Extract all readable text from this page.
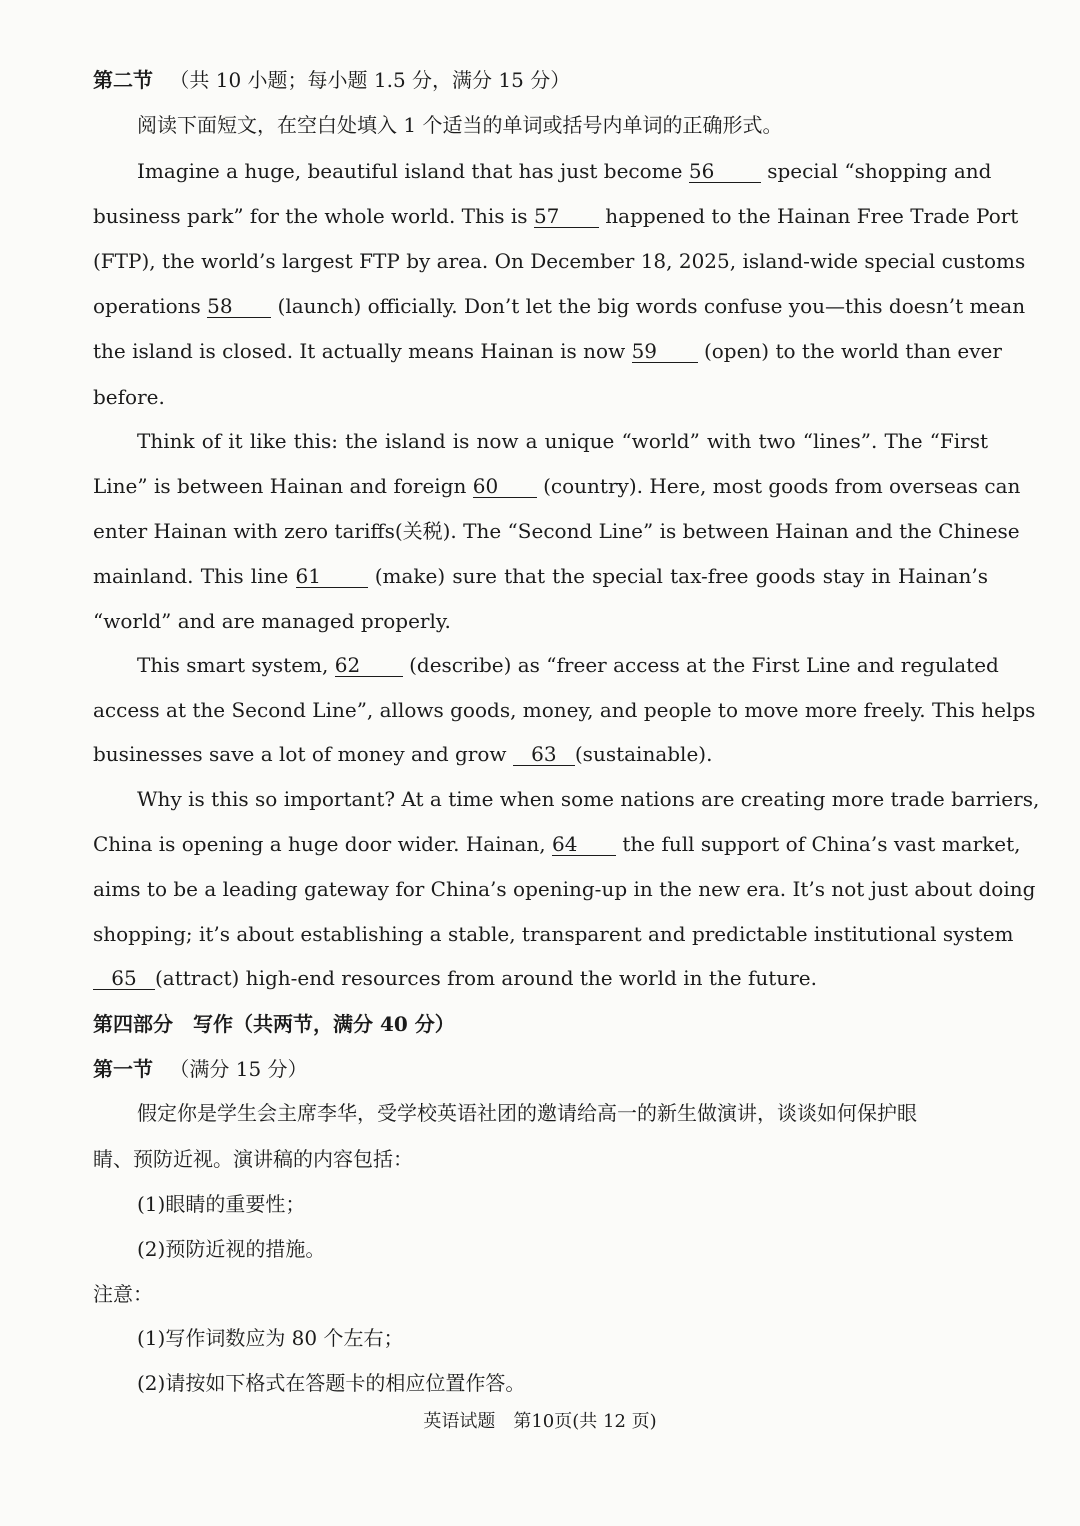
第二节 （共 10 小题；每小题 1.5 分，满分 15 分）
阅读下面短文，在空白处填入 1 个适当的单词或括号内单词的正确形式。
Imagine a huge, beautiful island that has just become 56	special “shopping and
business park” for the whole world. This is 57 happened to the Hainan Free Trade Port
(FTP), the world’s largest FTP by area. On December 18, 2025, island-wide special customs
operations 58 (launch) officially. Don’t let the big words confuse you—this doesn’t mean
the island is closed. It actually means Hainan is now 59 (open) to the world than ever
before.
Think of it like this: the island is now a unique “world” with two “lines”. The “First
Line” is between Hainan and foreign 60 (country). Here, most goods from overseas can
enter Hainan with zero tariffs(关税). The “Second Line” is between Hainan and the Chinese
mainland. This line 61	(make) sure that the special tax-free goods stay in Hainan’s
“world” and are managed properly.
This smart system, 62 (describe) as “freer access at the First Line and regulated
access at the Second Line”, allows goods, money, and people to move more freely. This helps
businesses save a lot of money and grow 63 (sustainable).
Why is this so important? At a time when some nations are creating more trade barriers,
China is opening a huge door wider. Hainan, 64 the full support of China’s vast market,
aims to be a leading gateway for China’s opening-up in the new era. It’s not just about doing
shopping; it’s about establishing a stable, transparent and predictable institutional system
65 (attract) high-end resources from around the world in the future.
第四部分　写作（共两节，满分 40 分）
第一节 （满分 15 分）
假定你是学生会主席李华，受学校英语社团的邀请给高一的新生做演讲，谈谈如何保护眼
睛、预防近视。演讲稿的内容包括：
(1)眼睛的重要性；
(2)预防近视的措施。
注意：
(1)写作词数应为 80 个左右；
(2)请按如下格式在答题卡的相应位置作答。
英语试题　第10页(共 12 页)
